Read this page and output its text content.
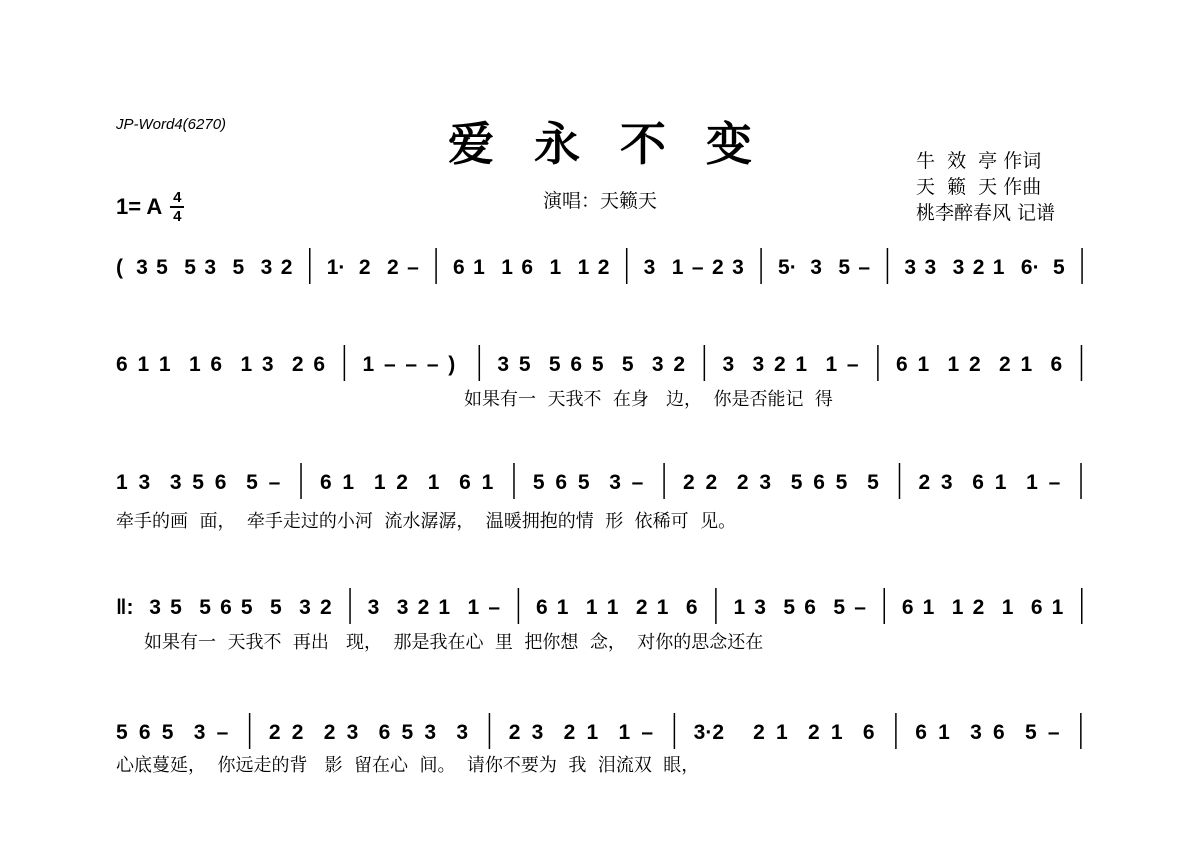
JP-Word4(6270)	爱永不变
演唱：天籁天
1= A 4
4
牛  效  亭 作词
天  籁  天 作曲
桃李醉春风 记谱
( 3 5 5 3 5 3 2 1· 2 2 – 6 1 1 6 1 1 2 3 1 – 2 3 5· 3 5 – 3 3 3 2 1 6· 5
6 1 1 1 6 1 3 2 6 1 – – – ) 3 5 5 6 5 5 3 2 3 3 2 1 1 – 6 1 1 2 2 1 6
如果有一  天我不  在身   边，  你是否能记  得
1 3 3 5 6 5 – 6 1 1 2 1 6 1 5 6 5 3 – 2 2 2 3 5 6 5 5 2 3 6 1 1 –
牵手的画  面，  牵手走过的小河  流水潺潺，  温暖拥抱的情  形  依稀可  见。
‖: 3 5 5 6 5 5 3 2 3 3 2 1 1 – 6 1 1 1 2 1 6 1 3 5 6 5 – 6 1 1 2 1 6 1
如果有一  天我不  再出   现，  那是我在心  里  把你想  念，  对你的思念还在
5 6 5 3 – 2 2 2 3 6 5 3 3 2 3 2 1 1 – 3·2 2 1 2 1 6 6 1 3 6 5 –
心底蔓延，  你远走的背   影  留在心  间。  请你不要为  我  泪流双  眼，
